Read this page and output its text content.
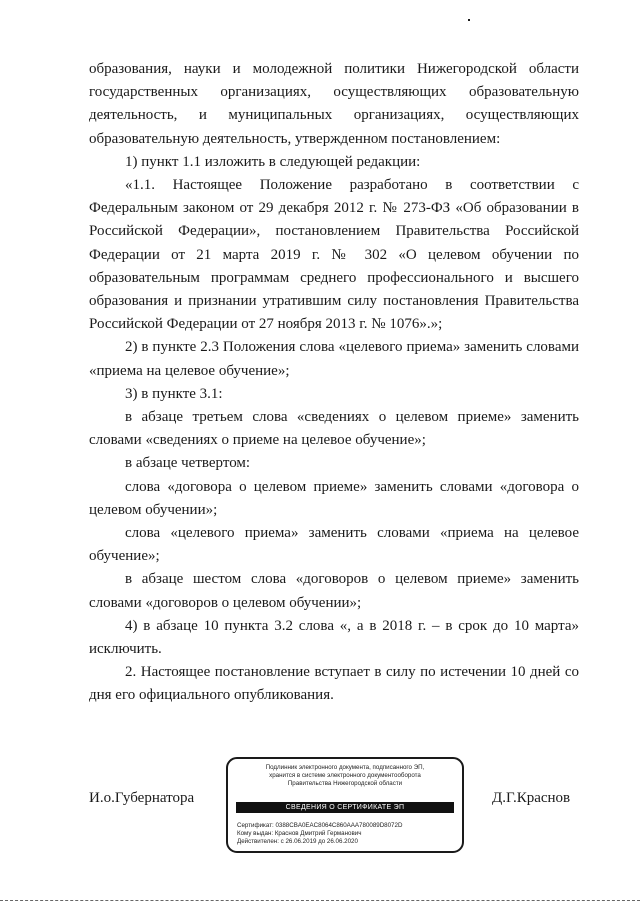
образования, науки и молодежной политики Нижегородской области государственных организациях, осуществляющих образовательную деятельность, и муниципальных организациях, осуществляющих образовательную деятельность, утвержденном постановлением:

1) пункт 1.1 изложить в следующей редакции:

«1.1. Настоящее Положение разработано в соответствии с Федеральным законом от 29 декабря 2012 г. № 273-ФЗ «Об образовании в Российской Федерации», постановлением Правительства Российской Федерации от 21 марта 2019 г. № 302 «О целевом обучении по образовательным программам среднего профессионального и высшего образования и признании утратившим силу постановления Правительства Российской Федерации от 27 ноября 2013 г. № 1076».»;

2) в пункте 2.3 Положения слова «целевого приема» заменить словами «приема на целевое обучение»;

3) в пункте 3.1:

в абзаце третьем слова «сведениях о целевом приеме» заменить словами «сведениях о приеме на целевое обучение»;

в абзаце четвертом:

слова «договора о целевом приеме» заменить словами «договора о целевом обучении»;

слова «целевого приема» заменить словами «приема на целевое обучение»;

в абзаце шестом слова «договоров о целевом приеме» заменить словами «договоров о целевом обучении»;

4) в абзаце 10 пункта 3.2 слова «, а в 2018 г. – в срок до 10 марта» исключить.

2. Настоящее постановление вступает в силу по истечении 10 дней со дня его официального опубликования.

И.о.Губернатора	Д.Г.Краснов
Подлинник электронного документа, подписанного ЭП,
хранится в системе электронного документооборота
Правительства Нижегородской области
СВЕДЕНИЯ О СЕРТИФИКАТЕ ЭП
Сертификат: 0388CBA0EAC8064C860AAA780089D8072D
Кому выдан: Краснов Дмитрий Германович
Действителен: с 26.06.2019 до 26.06.2020
